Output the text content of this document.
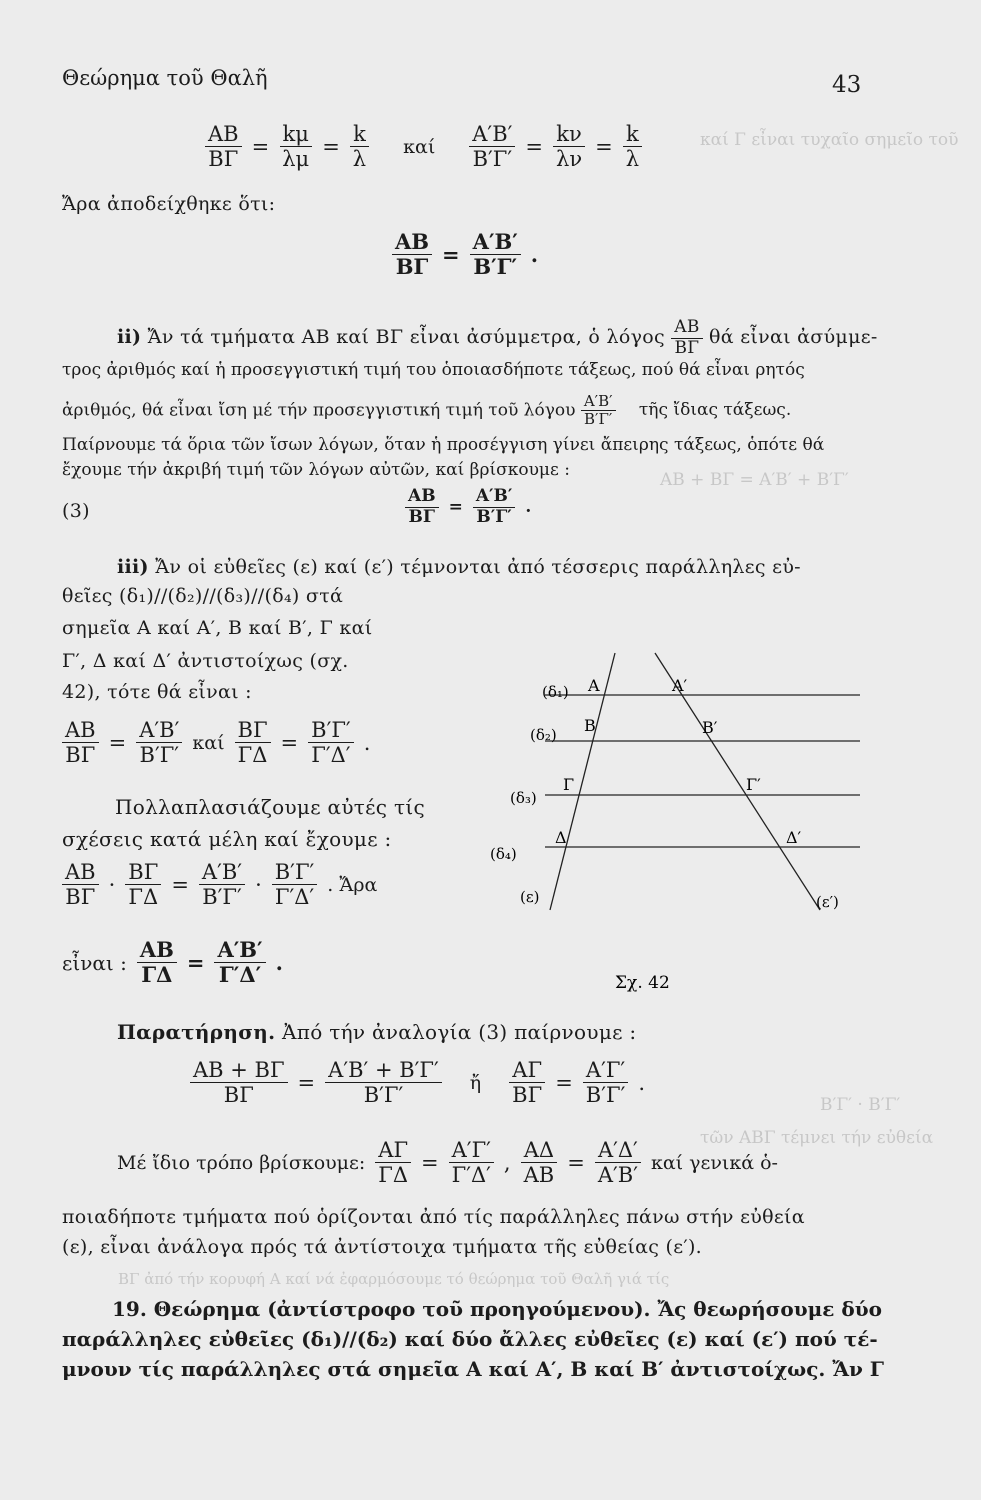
καί Γ εἶναι τυχαῖο σημεῖο τοῦ
Β′Γ′ · Β′Γ′
ΑΒ + ΒΓ = Α′Β′ + Β′Γ′
τῶν ΑΒΓ τέμνει τήν εὐθεία
ΒΓ ἀπό τήν κορυφή Α καί νά ἐφαρμόσουμε τό θεώρημα τοῦ Θαλῆ γιά τίς
Θεώρημα τοῦ Θαλῆ	43
$\frac{AB}{B\Gamma} = \frac{k\mu}{\lambda\mu} = \frac{k}{\lambda}$ καί $\frac{A'B'}{B'\Gamma'} = \frac{k\nu}{\lambda\nu} = \frac{k}{\lambda}$
Ἄρα ἀποδείχθηκε ὅτι:
$\frac{AB}{B\Gamma} = \frac{A'B'}{B'\Gamma'}$ .
ii) Ἄν τά τμήματα ΑΒ καί ΒΓ εἶναι ἀσύμμετρα, ὁ λόγος $\frac{AB}{B\Gamma}$ θά εἶναι ἀσύμμε-
τρος ἀριθμός καί ἡ προσεγγιστική τιμή του ὁποιασδήποτε τάξεως, πού θά εἶναι ρητός
ἀριθμός, θά εἶναι ἴση μέ τήν προσεγγιστική τιμή τοῦ λόγου $\frac{A'B'}{B'\Gamma'}$ τῆς ἴδιας τάξεως.
Παίρνουμε τά ὅρια τῶν ἴσων λόγων, ὅταν ἡ προσέγγιση γίνει ἄπειρης τάξεως, ὁπότε θά
ἔχουμε τήν ἀκριβή τιμή τῶν λόγων αὐτῶν, καί βρίσκουμε :
(3)	$\frac{AB}{B\Gamma} = \frac{A'B'}{B'\Gamma'}$ .
iii) Ἄν οἱ εὐθεῖες (ε) καί (ε′) τέμνονται ἀπό τέσσερις παράλληλες εὐ-
θεῖες (δ₁)//(δ₂)//(δ₃)//(δ₄) στά
σημεῖα Α καί Α′, Β καί Β′, Γ καί
Γ′, Δ καί Δ′ ἀντιστοίχως (σχ.
42), τότε θά εἶναι :
$\frac{AB}{B\Gamma} = \frac{A'B'}{B'\Gamma'}$ καί $\frac{B\Gamma}{\Gamma\Delta} = \frac{B'\Gamma'}{\Gamma'\Delta'}$ .
Πολλαπλασιάζουμε αὐτές τίς
σχέσεις κατά μέλη καί ἔχουμε :
$\frac{AB}{B\Gamma} \cdot \frac{B\Gamma}{\Gamma\Delta} = \frac{A'B'}{B'\Gamma'} \cdot \frac{B'\Gamma'}{\Gamma'\Delta'}$ . Ἄρα
εἶναι : $\frac{AB}{\Gamma\Delta} = \frac{A'B'}{\Gamma'\Delta'}$ .
(δ₁)
(δ₂)
(δ₃)
(δ₄)
Α	Α′
Β	Β′
Γ	Γ′
Δ	Δ′
(ε)	(ε′)
Σχ. 42
Παρατήρηση. Ἀπό τήν ἀναλογία (3) παίρνουμε :
$\frac{AB + B\Gamma}{B\Gamma} = \frac{A'B' + B'\Gamma'}{B'\Gamma'}$ ἤ $\frac{A\Gamma}{B\Gamma} = \frac{A'\Gamma'}{B'\Gamma'}$ .
Μέ ἴδιο τρόπο βρίσκουμε: $\frac{A\Gamma}{\Gamma\Delta} = \frac{A'\Gamma'}{\Gamma'\Delta'}$ , $\frac{A\Delta}{AB} = \frac{A'\Delta'}{A'B'}$ καί γενικά ὁ-
ποιαδήποτε τμήματα πού ὁρίζονται ἀπό τίς παράλληλες πάνω στήν εὐθεία
(ε), εἶναι ἀνάλογα πρός τά ἀντίστοιχα τμήματα τῆς εὐθείας (ε′).
19. Θεώρημα (ἀντίστροφο τοῦ προηγούμενου). Ἄς θεωρήσουμε δύο
παράλληλες εὐθεῖες (δ₁)//(δ₂) καί δύο ἄλλες εὐθεῖες (ε) καί (ε′) πού τέ-
μνουν τίς παράλληλες στά σημεῖα Α καί Α′, Β καί Β′ ἀντιστοίχως. Ἄν Γ
